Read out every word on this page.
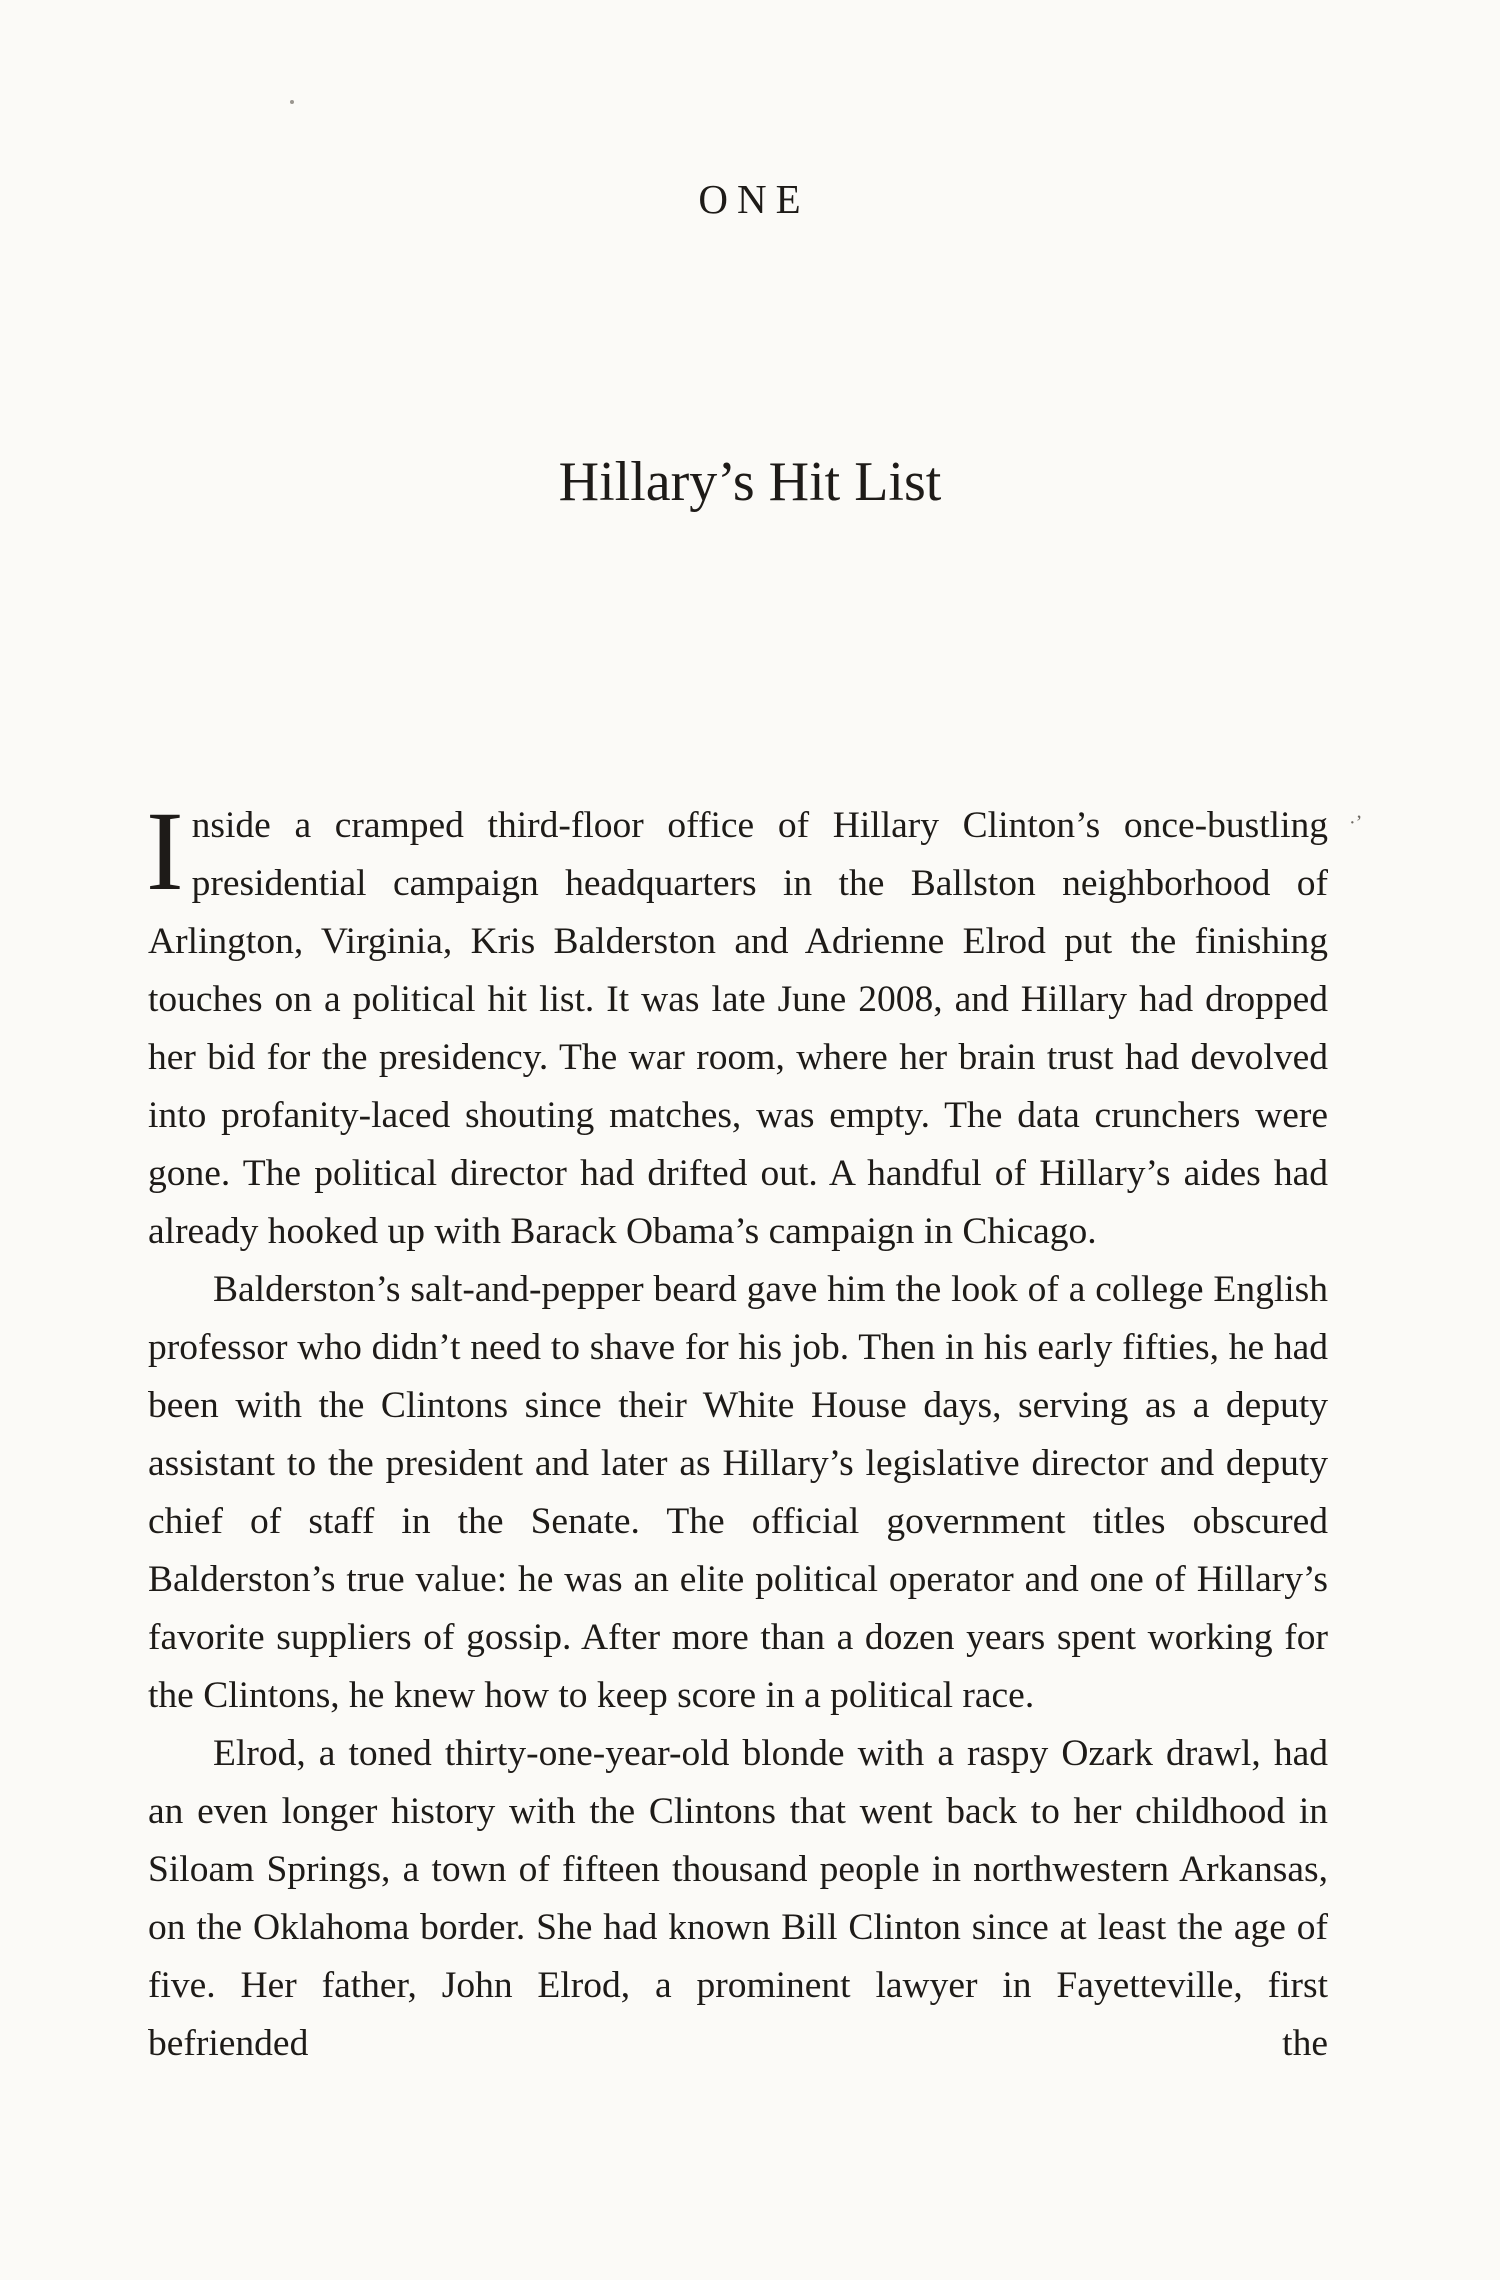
ONE
Hillary’s Hit List
·ʼ

Inside a cramped third-floor office of Hillary Clinton’s once-bustling presidential campaign headquarters in the Ballston neighborhood of Arlington, Virginia, Kris Balderston and Adrienne Elrod put the finishing touches on a political hit list. It was late June 2008, and Hillary had dropped her bid for the presidency. The war room, where her brain trust had devolved into profanity-laced shouting matches, was empty. The data crunchers were gone. The political director had drifted out. A handful of Hillary’s aides had already hooked up with Barack Obama’s campaign in Chicago.

Balderston’s salt-and-pepper beard gave him the look of a college English professor who didn’t need to shave for his job. Then in his early fifties, he had been with the Clintons since their White House days, serving as a deputy assistant to the president and later as Hillary’s legislative director and deputy chief of staff in the Senate. The official government titles obscured Balderston’s true value: he was an elite political operator and one of Hillary’s favorite suppliers of gossip. After more than a dozen years spent working for the Clintons, he knew how to keep score in a political race.

Elrod, a toned thirty-one-year-old blonde with a raspy Ozark drawl, had an even longer history with the Clintons that went back to her childhood in Siloam Springs, a town of fifteen thousand people in northwestern Arkansas, on the Oklahoma border. She had known Bill Clinton since at least the age of five. Her father, John Elrod, a prominent lawyer in Fayetteville, first befriended the
